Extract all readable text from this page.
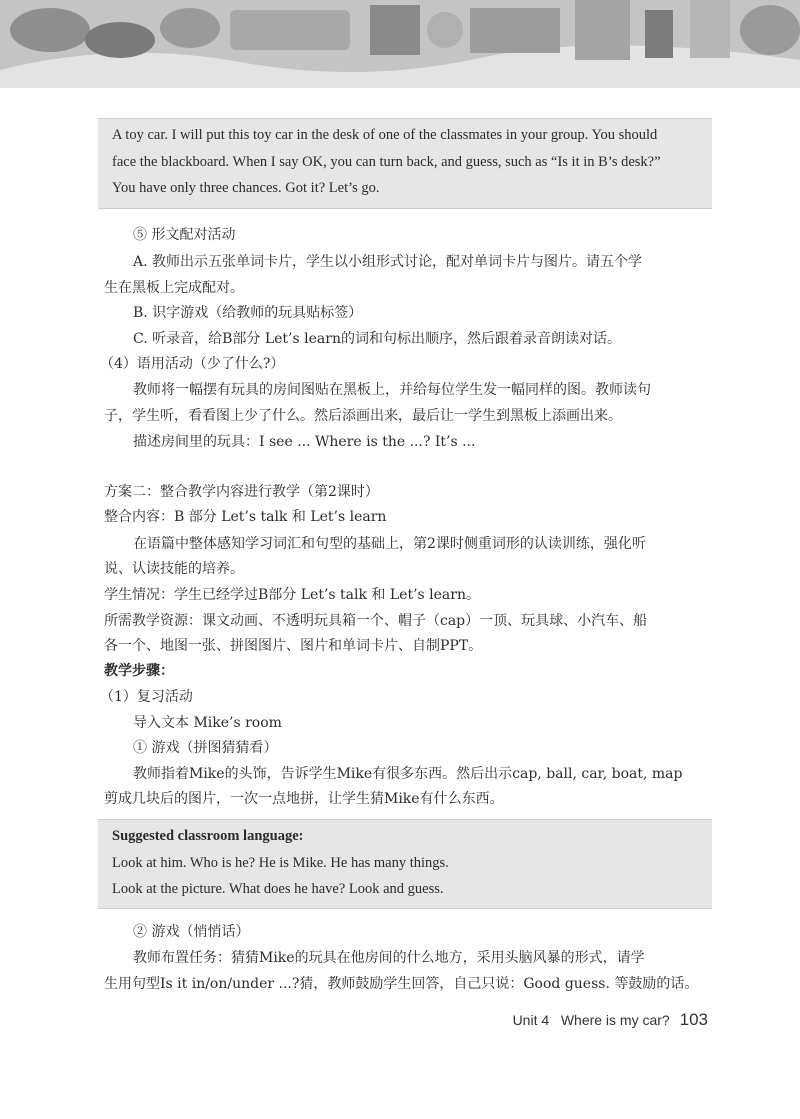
A toy car. I will put this toy car in the desk of one of the classmates in your group. You should

face the blackboard. When I say OK, you can turn back, and guess, such as “Is it in B’s desk?”

You have only three chances. Got it? Let’s go.

⑤ 形文配对活动
A. 教师出示五张单词卡片，学生以小组形式讨论，配对单词卡片与图片。请五个学
生在黑板上完成配对。
B. 识字游戏（给教师的玩具贴标签）
C. 听录音，给B部分 Let’s learn的词和句标出顺序，然后跟着录音朗读对话。
（4）语用活动（少了什么?）
教师将一幅摆有玩具的房间图贴在黑板上，并给每位学生发一幅同样的图。教师读句
子，学生听，看看图上少了什么。然后添画出来，最后让一学生到黑板上添画出来。
描述房间里的玩具：I see ... Where is the ...? It’s ...
方案二：整合教学内容进行教学（第2课时）
整合内容：B 部分 Let’s talk 和 Let’s learn
在语篇中整体感知学习词汇和句型的基础上，第2课时侧重词形的认读训练，强化听
说、认读技能的培养。
学生情况：学生已经学过B部分 Let’s talk 和 Let’s learn。
所需教学资源：课文动画、不透明玩具箱一个、帽子（cap）一顶、玩具球、小汽车、船
各一个、地图一张、拼图图片、图片和单词卡片、自制PPT。
教学步骤：
（1）复习活动
导入文本 Mike’s room
① 游戏（拼图猜猜看）
教师指着Mike的头饰，告诉学生Mike有很多东西。然后出示cap, ball, car, boat, map
剪成几块后的图片，一次一点地拼，让学生猜Mike有什么东西。

Suggested classroom language:

Look at him. Who is he? He is Mike. He has many things.

Look at the picture. What does he have? Look and guess.

② 游戏（悄悄话）
教师布置任务：猜猜Mike的玩具在他房间的什么地方，采用头脑风暴的形式，请学
生用句型Is it in/on/under ...?猜，教师鼓励学生回答，自己只说：Good guess. 等鼓励的话。
Unit 4 Where is my car? 103
